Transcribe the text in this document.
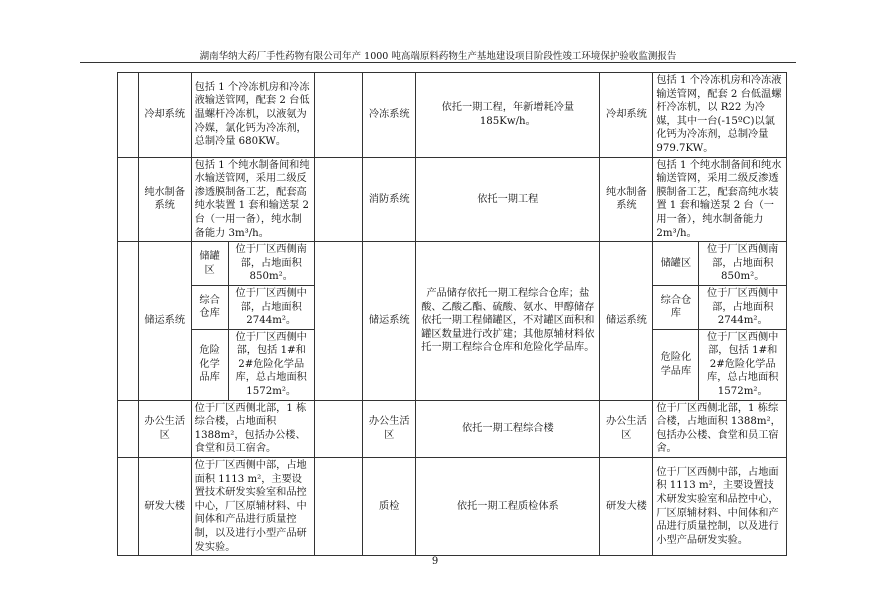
湖南华纳大药厂手性药物有限公司年产 1000 吨高端原料药物生产基地建设项目阶段性竣工环境保护验收监测报告
	冷却系统	包括 1 个冷冻机房和冷冻液输送管网，配套 2 台低温螺杆冷冻机，以液氨为冷媒，氯化钙为冷冻剂，总制冷量 680KW。			冷冻系统	依托一期工程，年新增耗冷量 185Kw/h。	冷却系统	包括 1 个冷冻机房和冷冻液输送管网，配套 2 台低温螺杆冷冻机，以 R22 为冷媒，其中一台(-15ºC)以氯化钙为冷冻剂，总制冷量 979.7KW。	
	纯水制备系统	包括 1 个纯水制备间和纯水输送管网，采用二级反渗透膜制备工艺，配套高纯水装置 1 套和输送泵 2 台（一用一备），纯水制备能力 3m³/h。			消防系统	依托一期工程	纯水制备系统	包括 1 个纯水制备间和纯水输送管网，采用二级反渗透膜制备工艺，配套高纯水装置 1 套和输送泵 2 台（一用一备），纯水制备能力 2m³/h。	
	储运系统	储罐区	位于厂区西侧南部，占地面积 850m²。		储运系统	产品储存依托一期工程综合仓库；盐酸、乙酸乙酯、硫酸、氨水、甲醇储存依托一期工程储罐区，不对罐区面积和罐区数量进行改扩建；其他原辅材料依托一期工程综合仓库和危险化学品库。	储运系统	储罐区	位于厂区西侧南部，占地面积 850m²。
		综合仓库	位于厂区西侧中部，占地面积 2744m²。					综合仓库	位于厂区西侧中部，占地面积 2744m²。
		危险化学品库	位于厂区西侧中部，包括 1#和 2#危险化学品库，总占地面积 1572m²。					危险化学品库	位于厂区西侧中部，包括 1#和 2#危险化学品库，总占地面积 1572m²。
	办公生活区	位于厂区西侧北部，1 栋综合楼，占地面积 1388m²，包括办公楼、食堂和员工宿舍。			办公生活区	依托一期工程综合楼	办公生活区	位于厂区西侧北部，1 栋综合楼，占地面积 1388m²，包括办公楼、食堂和员工宿舍。	
	研发大楼	位于厂区西侧中部，占地面积 1113 m²，主要设置技术研发实验室和品控中心，厂区原辅材料、中间体和产品进行质量控制，以及进行小型产品研发实验。			质检	依托一期工程质检体系	研发大楼	位于厂区西侧中部，占地面积 1113 m²，主要设置技术研发实验室和品控中心，厂区原辅材料、中间体和产品进行质量控制，以及进行小型产品研发实验。	
9
